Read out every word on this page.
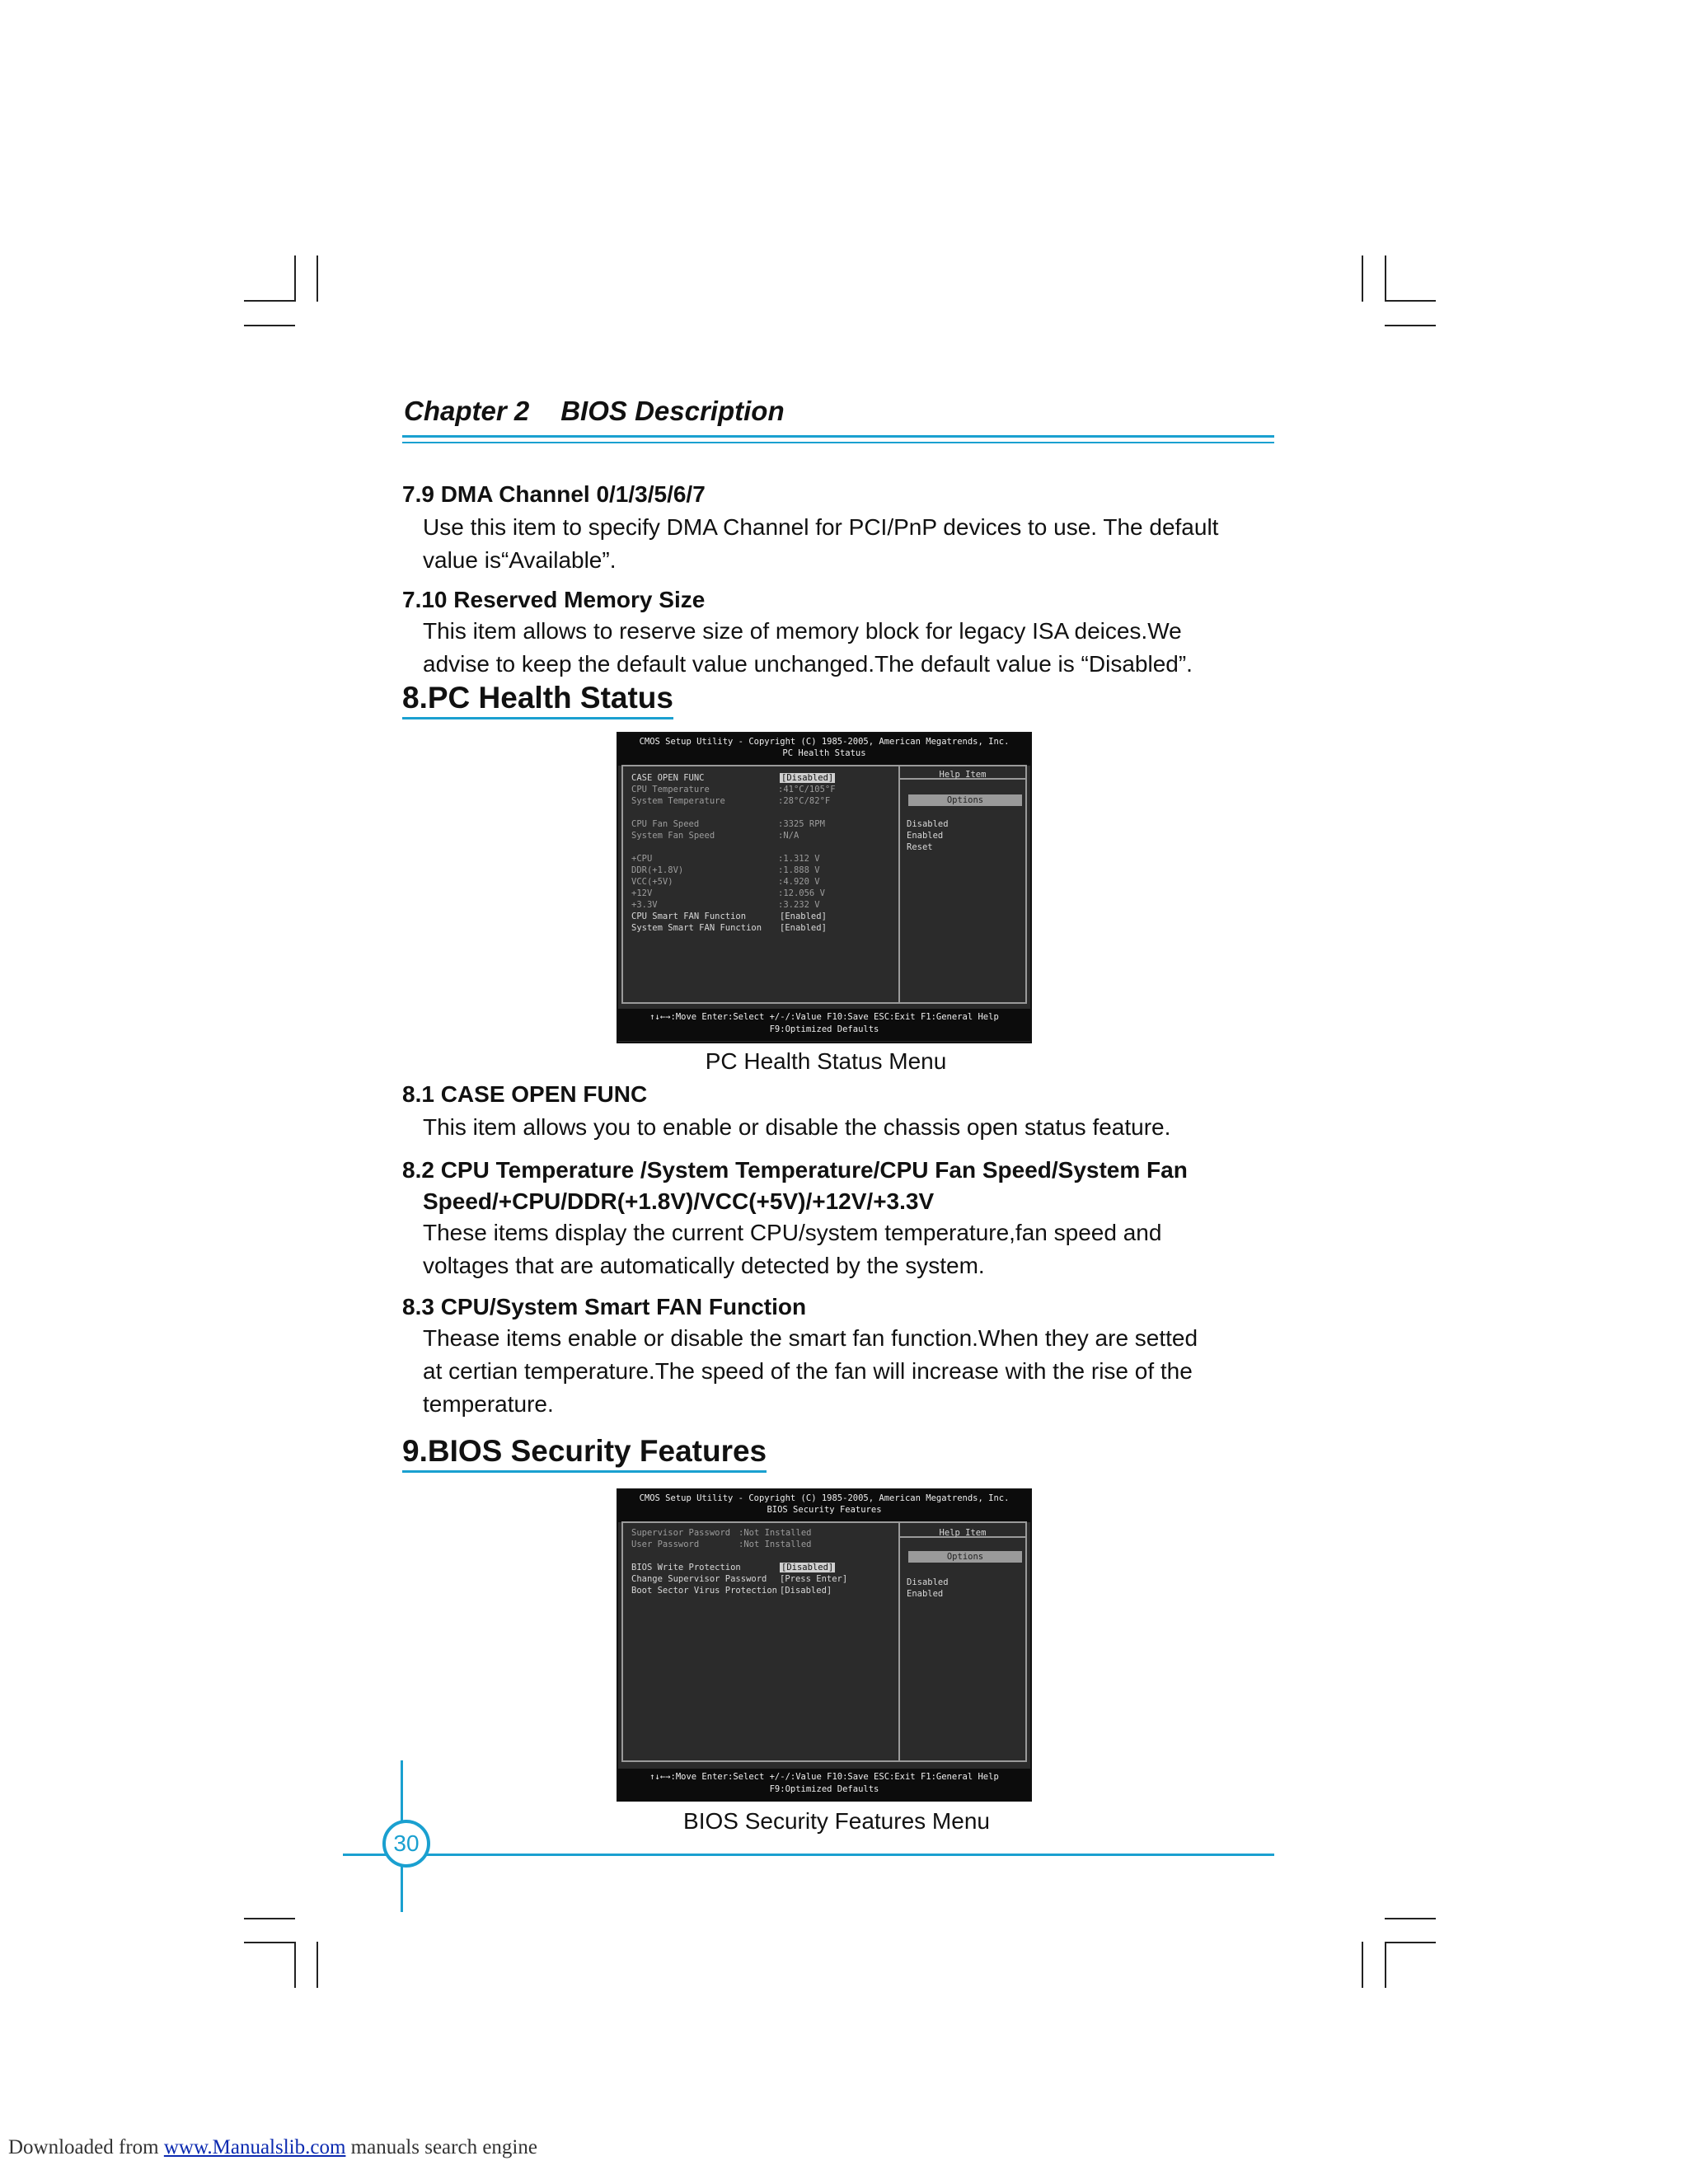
Chapter 2 BIOS Description
7.9 DMA Channel 0/1/3/5/6/7
Use this item to specify DMA Channel for PCI/PnP devices to use. The default
value is“Available”.
7.10 Reserved Memory Size
This item allows to reserve size of memory block for legacy ISA deices.We
advise to keep the default value unchanged.The default value is “Disabled”.
8.PC Health Status
CMOS Setup Utility - Copyright (C) 1985-2005, American Megatrends, Inc.
PC Health Status
CASE OPEN FUNC	[Disabled]
CPU Temperature	:41°C/105°F
System Temperature	:28°C/82°F
CPU Fan Speed	:3325 RPM
System Fan Speed	:N/A
+CPU	:1.312 V
DDR(+1.8V)	:1.888 V
VCC(+5V)	:4.920 V
+12V	:12.056 V
+3.3V	:3.232 V
CPU Smart FAN Function	[Enabled]
System Smart FAN Function [Enabled]
Help Item
Options
Disabled
Enabled
Reset
↑↓←→:Move Enter:Select +/-/:Value F10:Save ESC:Exit F1:General Help
F9:Optimized Defaults
PC Health Status Menu
8.1 CASE OPEN FUNC
This item allows you to enable or disable the chassis open status feature.
8.2 CPU Temperature /System Temperature/CPU Fan Speed/System Fan
Speed/+CPU/DDR(+1.8V)/VCC(+5V)/+12V/+3.3V
These items display the current CPU/system temperature,fan speed and
voltages that are automatically detected by the system.
8.3 CPU/System Smart FAN Function
Thease items enable or disable the smart fan function.When they are setted
at certian temperature.The speed of the fan will increase with the rise of the
temperature.
9.BIOS Security Features
CMOS Setup Utility - Copyright (C) 1985-2005, American Megatrends, Inc.
BIOS Security Features
Supervisor Password :Not Installed
User Password	:Not Installed
BIOS Write Protection	[Disabled]
Change Supervisor Password [Press Enter]
Boot Sector Virus Protection [Disabled]
Help Item
Options
Disabled
Enabled
↑↓←→:Move Enter:Select +/-/:Value F10:Save ESC:Exit F1:General Help
F9:Optimized Defaults
BIOS Security Features Menu
30
Downloaded from www.Manualslib.com manuals search engine
